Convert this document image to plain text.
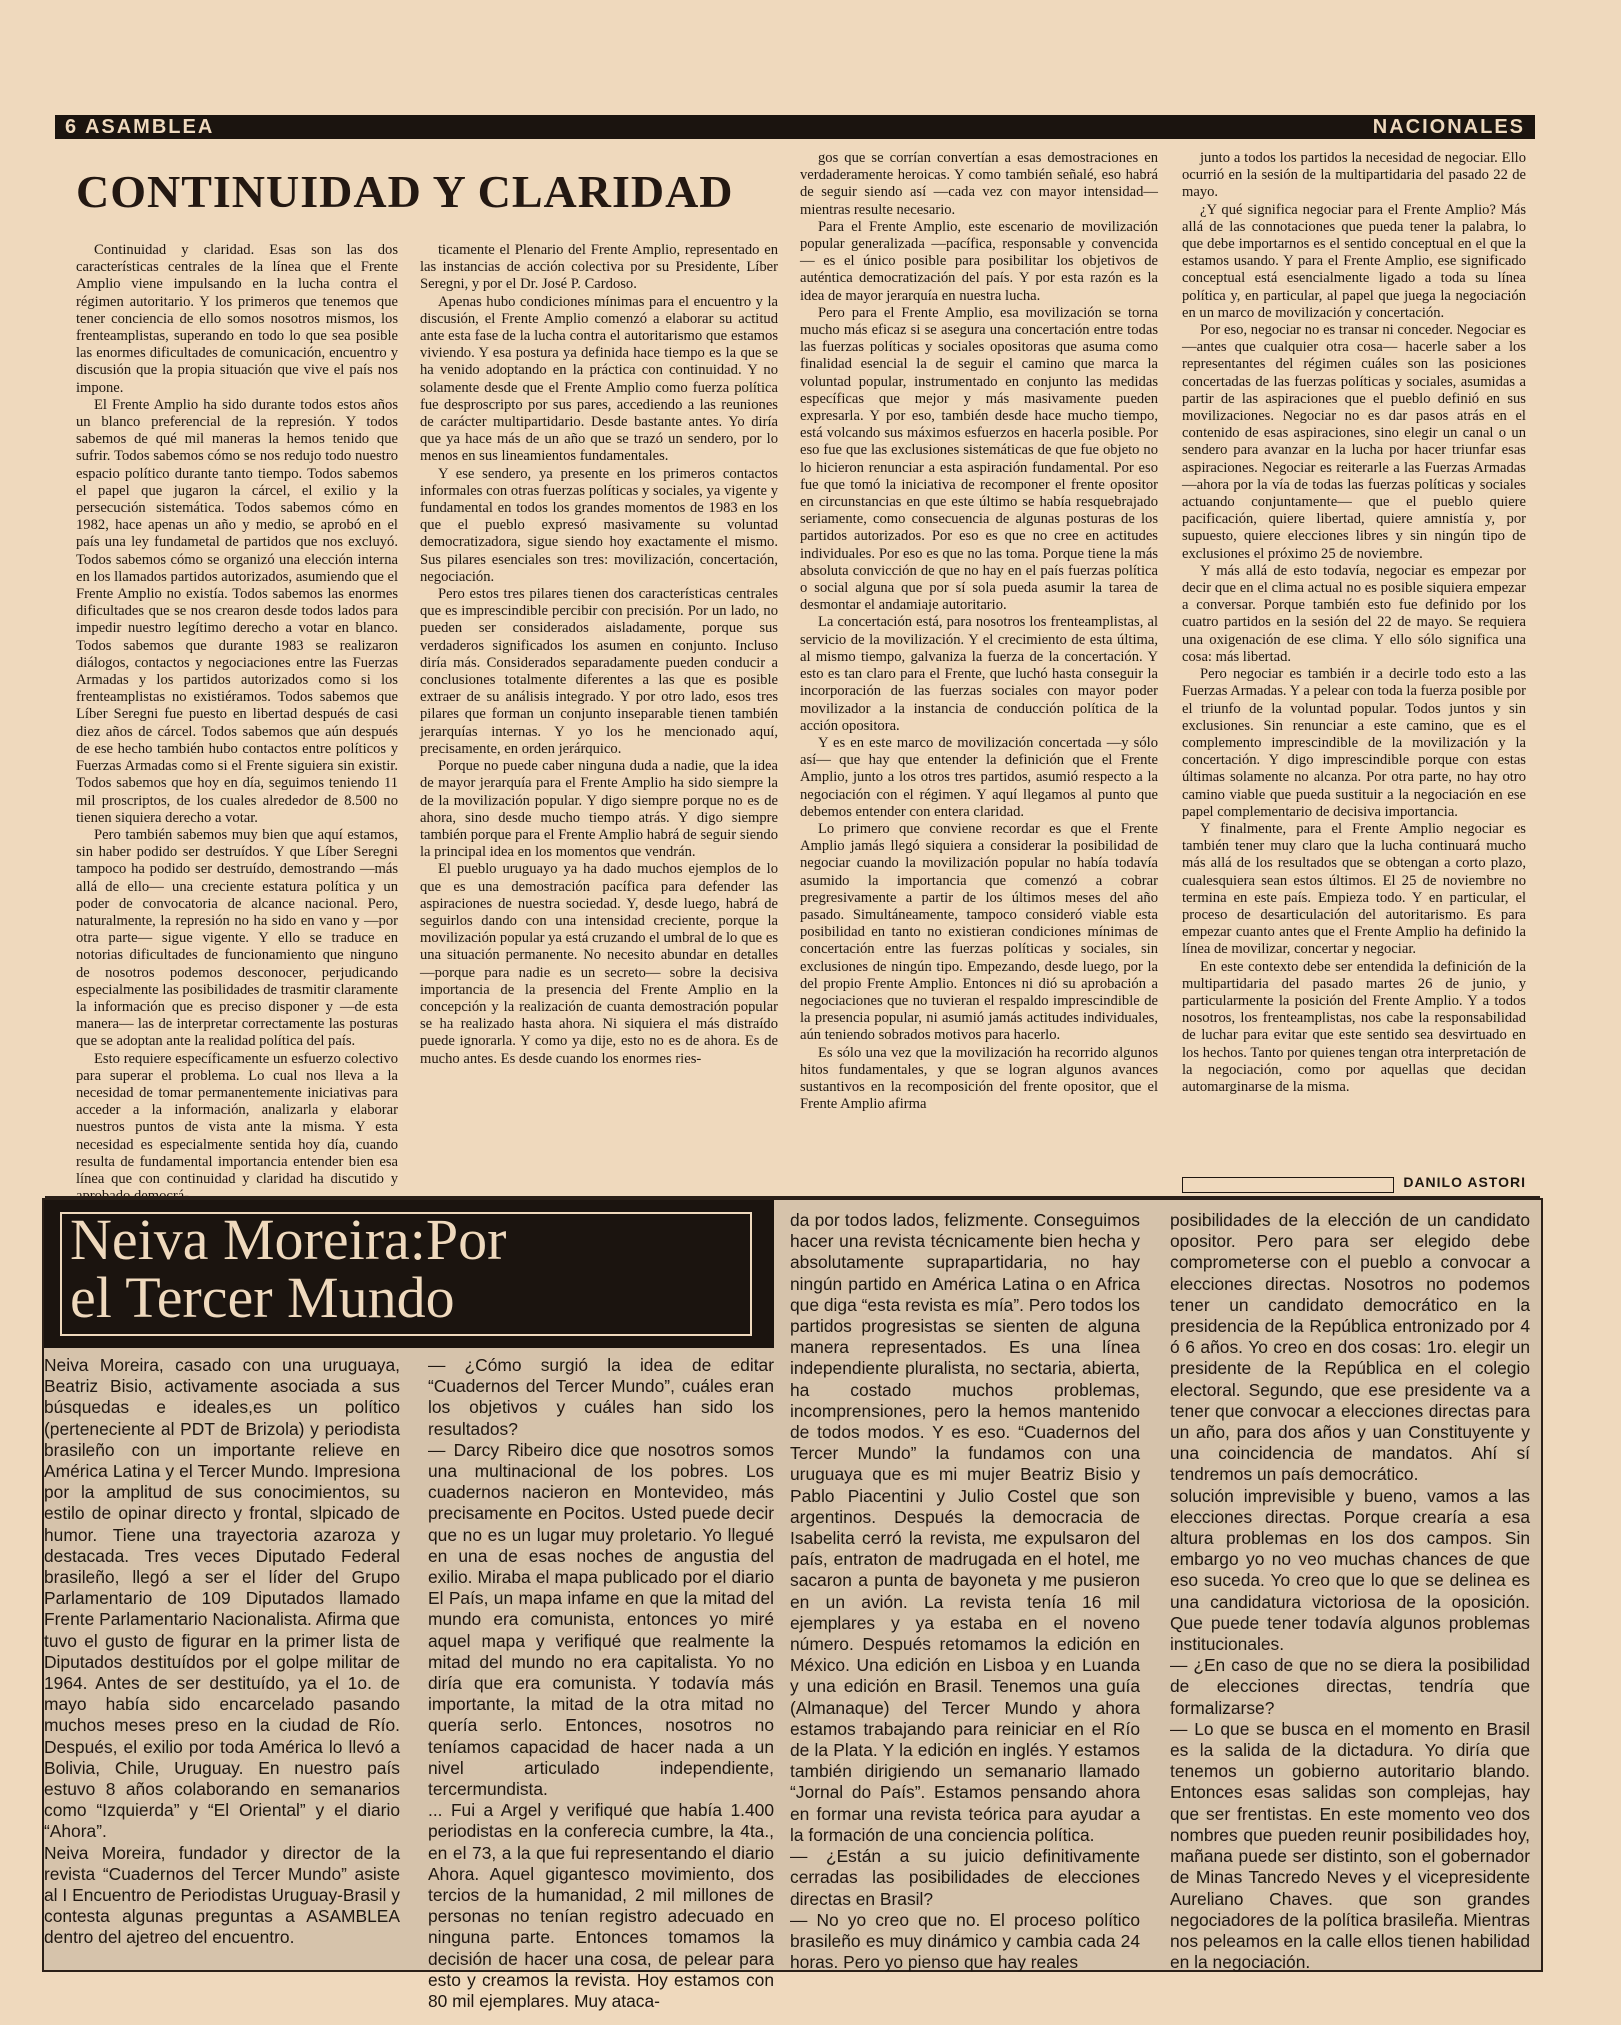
6 ASAMBLEA	NACIONALES
CONTINUIDAD Y CLARIDAD

Continuidad y claridad. Esas son las dos características centrales de la línea que el Frente Amplio viene impulsando en la lucha contra el régimen autoritario. Y los primeros que tenemos que tener conciencia de ello somos nosotros mismos, los frenteamplistas, superando en todo lo que sea posible las enormes dificultades de comunicación, encuentro y discusión que la propia situación que vive el país nos impone.

El Frente Amplio ha sido durante todos estos años un blanco preferencial de la represión. Y todos sabemos de qué mil maneras la hemos tenido que sufrir. Todos sabemos cómo se nos redujo todo nuestro espacio político durante tanto tiempo. Todos sabemos el papel que jugaron la cárcel, el exilio y la persecución sistemática. Todos sabemos cómo en 1982, hace apenas un año y medio, se aprobó en el país una ley fundametal de partidos que nos excluyó. Todos sabemos cómo se organizó una elección interna en los llamados partidos autorizados, asumiendo que el Frente Amplio no existía. Todos sabemos las enormes dificultades que se nos crearon desde todos lados para impedir nuestro legítimo derecho a votar en blanco. Todos sabemos que durante 1983 se realizaron diálogos, contactos y negociaciones entre las Fuerzas Armadas y los partidos autorizados como si los frenteamplistas no existiéramos. Todos sabemos que Líber Seregni fue puesto en libertad después de casi diez años de cárcel. Todos sabemos que aún después de ese hecho también hubo contactos entre políticos y Fuerzas Armadas como si el Frente siguiera sin existir. Todos sabemos que hoy en día, seguimos teniendo 11 mil proscriptos, de los cuales alrededor de 8.500 no tienen siquiera derecho a votar.

Pero también sabemos muy bien que aquí estamos, sin haber podido ser destruídos. Y que Líber Seregni tampoco ha podido ser destruído, demostrando —más allá de ello— una creciente estatura política y un poder de convocatoria de alcance nacional. Pero, naturalmente, la represión no ha sido en vano y —por otra parte— sigue vigente. Y ello se traduce en notorias dificultades de funcionamiento que ninguno de nosotros podemos desconocer, perjudicando especialmente las posibilidades de trasmitir claramente la información que es preciso disponer y —de esta manera— las de interpretar correctamente las posturas que se adoptan ante la realidad política del país.

Esto requiere específicamente un esfuerzo colectivo para superar el problema. Lo cual nos lleva a la necesidad de tomar permanentemente iniciativas para acceder a la información, analizarla y elaborar nuestros puntos de vista ante la misma. Y esta necesidad es especialmente sentida hoy día, cuando resulta de fundamental importancia entender bien esa línea que con continuidad y claridad ha discutido y

ticamente el Plenario del Frente Amplio, representado en las instancias de acción colectiva por su Presidente, Líber Seregni, y por el Dr. José P. Cardoso.

Apenas hubo condiciones mínimas para el encuentro y la discusión, el Frente Amplio comenzó a elaborar su actitud ante esta fase de la lucha contra el autoritarismo que estamos viviendo. Y esa postura ya definida hace tiempo es la que se ha venido adoptando en la práctica con continuidad. Y no solamente desde que el Frente Amplio como fuerza política fue desproscripto por sus pares, accediendo a las reuniones de carácter multipartidario. Desde bastante antes. Yo diría que ya hace más de un año que se trazó un sendero, por lo menos en sus lineamientos fundamentales.

Y ese sendero, ya presente en los primeros contactos informales con otras fuerzas políticas y sociales, ya vigente y fundamental en todos los grandes momentos de 1983 en los que el pueblo expresó masivamente su voluntad democratizadora, sigue siendo hoy exactamente el mismo. Sus pilares esenciales son tres: movilización, concertación, negociación.

Pero estos tres pilares tienen dos características centrales que es imprescindible percibir con precisión. Por un lado, no pueden ser considerados aisladamente, porque sus verdaderos significados los asumen en conjunto. Incluso diría más. Considerados separadamente pueden conducir a conclusiones totalmente diferentes a las que es posible extraer de su análisis integrado. Y por otro lado, esos tres pilares que forman un conjunto inseparable tienen también jerarquías internas. Y yo los he mencionado aquí, precisamente, en orden jerárquico.

Porque no puede caber ninguna duda a nadie, que la idea de mayor jerarquía para el Frente Amplio ha sido siempre la de la movilización popular. Y digo siempre porque no es de ahora, sino desde mucho tiempo atrás. Y digo siempre también porque para el Frente Amplio habrá de seguir siendo la principal idea en los momentos que vendrán.

El pueblo uruguayo ya ha dado muchos ejemplos de lo que es una demostración pacífica para defender las aspiraciones de nuestra sociedad. Y, desde luego, habrá de seguirlos dando con una intensidad creciente, porque la movilización popular ya está cruzando el umbral de lo que es una situación permanente. No necesito abundar en detalles —porque para nadie es un secreto— sobre la decisiva importancia de la presencia del Frente Amplio en la concepción y la realización de cuanta demostración popular se ha realizado hasta ahora. Ni siquiera el más distraído puede ignorarla. Y como ya dije, esto no es de ahora. Es de mucho antes. Es desde cuando los enormes ries-

gos que se corrían convertían a esas demostraciones en verdaderamente heroicas. Y como también señalé, eso habrá de seguir siendo así —cada vez con mayor intensidad— mientras resulte necesario.

Para el Frente Amplio, este escenario de movilización popular generalizada —pacífica, responsable y convencida— es el único posible para posibilitar los objetivos de auténtica democratización del país. Y por esta razón es la idea de mayor jerarquía en nuestra lucha.

Pero para el Frente Amplio, esa movilización se torna mucho más eficaz si se asegura una concertación entre todas las fuerzas políticas y sociales opositoras que asuma como finalidad esencial la de seguir el camino que marca la voluntad popular, instrumentado en conjunto las medidas específicas que mejor y más masivamente pueden expresarla. Y por eso, también desde hace mucho tiempo, está volcando sus máximos esfuerzos en hacerla posible. Por eso fue que las exclusiones sistemáticas de que fue objeto no lo hicieron renunciar a esta aspiración fundamental. Por eso fue que tomó la iniciativa de recomponer el frente opositor en circunstancias en que este último se había resquebrajado seriamente, como consecuencia de algunas posturas de los partidos autorizados. Por eso es que no cree en actitudes individuales. Por eso es que no las toma. Porque tiene la más absoluta convicción de que no hay en el país fuerzas política o social alguna que por sí sola pueda asumir la tarea de desmontar el andamiaje autoritario.

La concertación está, para nosotros los frenteamplistas, al servicio de la movilización. Y el crecimiento de esta última, al mismo tiempo, galvaniza la fuerza de la concertación. Y esto es tan claro para el Frente, que luchó hasta conseguir la incorporación de las fuerzas sociales con mayor poder movilizador a la instancia de conducción política de la acción opositora.

Y es en este marco de movilización concertada —y sólo así— que hay que entender la definición que el Frente Amplio, junto a los otros tres partidos, asumió respecto a la negociación con el régimen. Y aquí llegamos al punto que debemos entender con entera claridad.

Lo primero que conviene recordar es que el Frente Amplio jamás llegó siquiera a considerar la posibilidad de negociar cuando la movilización popular no había todavía asumido la importancia que comenzó a cobrar pregresivamente a partir de los últimos meses del año pasado. Simultáneamente, tampoco consideró viable esta posibilidad en tanto no existieran condiciones mínimas de concertación entre las fuerzas políticas y sociales, sin exclusiones de ningún tipo. Empezando, desde luego, por la del propio Frente Amplio. Entonces ni dió su aprobación a negociaciones que no tuvieran el respaldo imprescindible de la presencia popular, ni asumió jamás actitudes individuales, aún teniendo sobrados motivos para hacerlo.

Es sólo una vez que la movilización ha recorrido algunos hitos fundamentales, y que se logran algunos avances sustantivos en la recomposición del frente opositor, que el Frente Amplio afirma

junto a todos los partidos la necesidad de negociar. Ello ocurrió en la sesión de la multipartidaria del pasado 22 de mayo.

¿Y qué significa negociar para el Frente Amplio? Más allá de las connotaciones que pueda tener la palabra, lo que debe importarnos es el sentido conceptual en el que la estamos usando. Y para el Frente Amplio, ese significado conceptual está esencialmente ligado a toda su línea política y, en particular, al papel que juega la negociación en un marco de movilización y concertación.

Por eso, negociar no es transar ni conceder. Negociar es —antes que cualquier otra cosa— hacerle saber a los representantes del régimen cuáles son las posiciones concertadas de las fuerzas políticas y sociales, asumidas a partir de las aspiraciones que el pueblo definió en sus movilizaciones. Negociar no es dar pasos atrás en el contenido de esas aspiraciones, sino elegir un canal o un sendero para avanzar en la lucha por hacer triunfar esas aspiraciones. Negociar es reiterarle a las Fuerzas Armadas —ahora por la vía de todas las fuerzas políticas y sociales actuando conjuntamente— que el pueblo quiere pacificación, quiere libertad, quiere amnistía y, por supuesto, quiere elecciones libres y sin ningún tipo de exclusiones el próximo 25 de noviembre.

Y más allá de esto todavía, negociar es empezar por decir que en el clima actual no es posible siquiera empezar a conversar. Porque también esto fue definido por los cuatro partidos en la sesión del 22 de mayo. Se requiera una oxigenación de ese clima. Y ello sólo significa una cosa: más libertad.

Pero negociar es también ir a decirle todo esto a las Fuerzas Armadas. Y a pelear con toda la fuerza posible por el triunfo de la voluntad popular. Todos juntos y sin exclusiones. Sin renunciar a este camino, que es el complemento imprescindible de la movilización y la concertación. Y digo imprescindible porque con estas últimas solamente no alcanza. Por otra parte, no hay otro camino viable que pueda sustituir a la negociación en ese papel complementario de decisiva importancia.

Y finalmente, para el Frente Amplio negociar es también tener muy claro que la lucha continuará mucho más allá de los resultados que se obtengan a corto plazo, cualesquiera sean estos últimos. El 25 de noviembre no termina en este país. Empieza todo. Y en particular, el proceso de desarticulación del autoritarismo. Es para empezar cuanto antes que el Frente Amplio ha definido la línea de movilizar, concertar y negociar.

En este contexto debe ser entendida la definición de la multipartidaria del pasado martes 26 de junio, y particularmente la posición del Frente Amplio. Y a todos nosotros, los frenteamplistas, nos cabe la responsabilidad de luchar para evitar que este sentido sea desvirtuado en los hechos. Tanto por quienes tengan otra interpretación de la negociación, como por aquellas que decidan automarginarse de la misma.

DANILO ASTORI
Neiva Moreira:Por
el Tercer Mundo

Neiva Moreira, casado con una uruguaya, Beatriz Bisio, activamente asociada a sus búsquedas e ideales,es un político (perteneciente al PDT de Brizola) y periodista brasileño con un importante relieve en América Latina y el Tercer Mundo. Impresiona por la amplitud de sus conocimientos, su estilo de opinar directo y frontal, slpicado de humor. Tiene una trayectoria azaroza y destacada. Tres veces Diputado Federal brasileño, llegó a ser el líder del Grupo Parlamentario de 109 Diputados llamado Frente Parlamentario Nacionalista. Afirma que tuvo el gusto de figurar en la primer lista de Diputados destituídos por el golpe militar de 1964. Antes de ser destituído, ya el 1o. de mayo había sido encarcelado pasando muchos meses preso en la ciudad de Río. Después, el exilio por toda América lo llevó a Bolivia, Chile, Uruguay. En nuestro país estuvo 8 años colaborando en semanarios como “Izquierda” y “El Oriental” y el diario “Ahora”.

Neiva Moreira, fundador y director de la revista “Cuadernos del Tercer Mundo” asiste al I Encuentro de Periodistas Uruguay-Brasil y contesta algunas preguntas a ASAMBLEA dentro del ajetreo del encuentro.

— ¿Cómo surgió la idea de editar “Cuadernos del Tercer Mundo”, cuáles eran los objetivos y cuáles han sido los resultados?

— Darcy Ribeiro dice que nosotros somos una multinacional de los pobres. Los cuadernos nacieron en Montevideo, más precisamente en Pocitos. Usted puede decir que no es un lugar muy proletario. Yo llegué en una de esas noches de angustia del exilio. Miraba el mapa publicado por el diario El País, un mapa infame en que la mitad del mundo era comunista, entonces yo miré aquel mapa y verifiqué que realmente la mitad del mundo no era capitalista. Yo no diría que era comunista. Y todavía más importante, la mitad de la otra mitad no quería serlo. Entonces, nosotros no teníamos capacidad de hacer nada a un nivel articulado independiente, tercermundista.

... Fui a Argel y verifiqué que había 1.400 periodistas en la conferecia cumbre, la 4ta., en el 73, a la que fui representando el diario Ahora. Aquel gigantesco movimiento, dos tercios de la humanidad, 2 mil millones de personas no tenían registro adecuado en ninguna parte. Entonces tomamos la decisión de hacer una cosa, de pelear para esto y creamos la revista. Hoy estamos con 80 mil ejemplares. Muy ataca-

da por todos lados, felizmente. Conseguimos hacer una revista técnicamente bien hecha y absolutamente suprapartidaria, no hay ningún partido en América Latina o en Africa que diga “esta revista es mía”. Pero todos los partidos progresistas se sienten de alguna manera representados. Es una línea independiente pluralista, no sectaria, abierta, ha costado muchos problemas, incomprensiones, pero la hemos mantenido de todos modos. Y es eso. “Cuadernos del Tercer Mundo” la fundamos con una uruguaya que es mi mujer Beatriz Bisio y Pablo Piacentini y Julio Costel que son argentinos. Después la democracia de Isabelita cerró la revista, me expulsaron del país, entraton de madrugada en el hotel, me sacaron a punta de bayoneta y me pusieron en un avión. La revista tenía 16 mil ejemplares y ya estaba en el noveno número. Después retomamos la edición en México. Una edición en Lisboa y en Luanda y una edición en Brasil. Tenemos una guía (Almanaque) del Tercer Mundo y ahora estamos trabajando para reiniciar en el Río de la Plata. Y la edición en inglés. Y estamos también dirigiendo un semanario llamado “Jornal do País”. Estamos pensando ahora en formar una revista teórica para ayudar a la formación de una conciencia política.

— ¿Están a su juicio definitivamente cerradas las posibilidades de elecciones directas en Brasil?

— No yo creo que no. El proceso político brasileño es muy dinámico y cambia cada 24 horas. Pero yo pienso que hay reales

posibilidades de la elección de un candidato opositor. Pero para ser elegido debe comprometerse con el pueblo a convocar a elecciones directas. Nosotros no podemos tener un candidato democrático en la presidencia de la República entronizado por 4 ó 6 años. Yo creo en dos cosas: 1ro. elegir un presidente de la República en el colegio electoral. Segundo, que ese presidente va a tener que convocar a elecciones directas para un año, para dos años y uan Constituyente y una coincidencia de mandatos. Ahí sí tendremos un país democrático.

solución imprevisible y bueno, vamos a las elecciones directas. Porque crearía a esa altura problemas en los dos campos. Sin embargo yo no veo muchas chances de que eso suceda. Yo creo que lo que se delinea es una candidatura victoriosa de la oposición. Que puede tener todavía algunos problemas institucionales.

— ¿En caso de que no se diera la posibilidad de elecciones directas, tendría que formalizarse?

— Lo que se busca en el momento en Brasil es la salida de la dictadura. Yo diría que tenemos un gobierno autoritario blando. Entonces esas salidas son complejas, hay que ser frentistas. En este momento veo dos nombres que pueden reunir posibilidades hoy, mañana puede ser distinto, son el gobernador de Minas Tancredo Neves y el vicepresidente Aureliano Chaves. que son grandes negociadores de la política brasileña. Mientras nos peleamos en la calle ellos tienen habilidad en la negociación.
